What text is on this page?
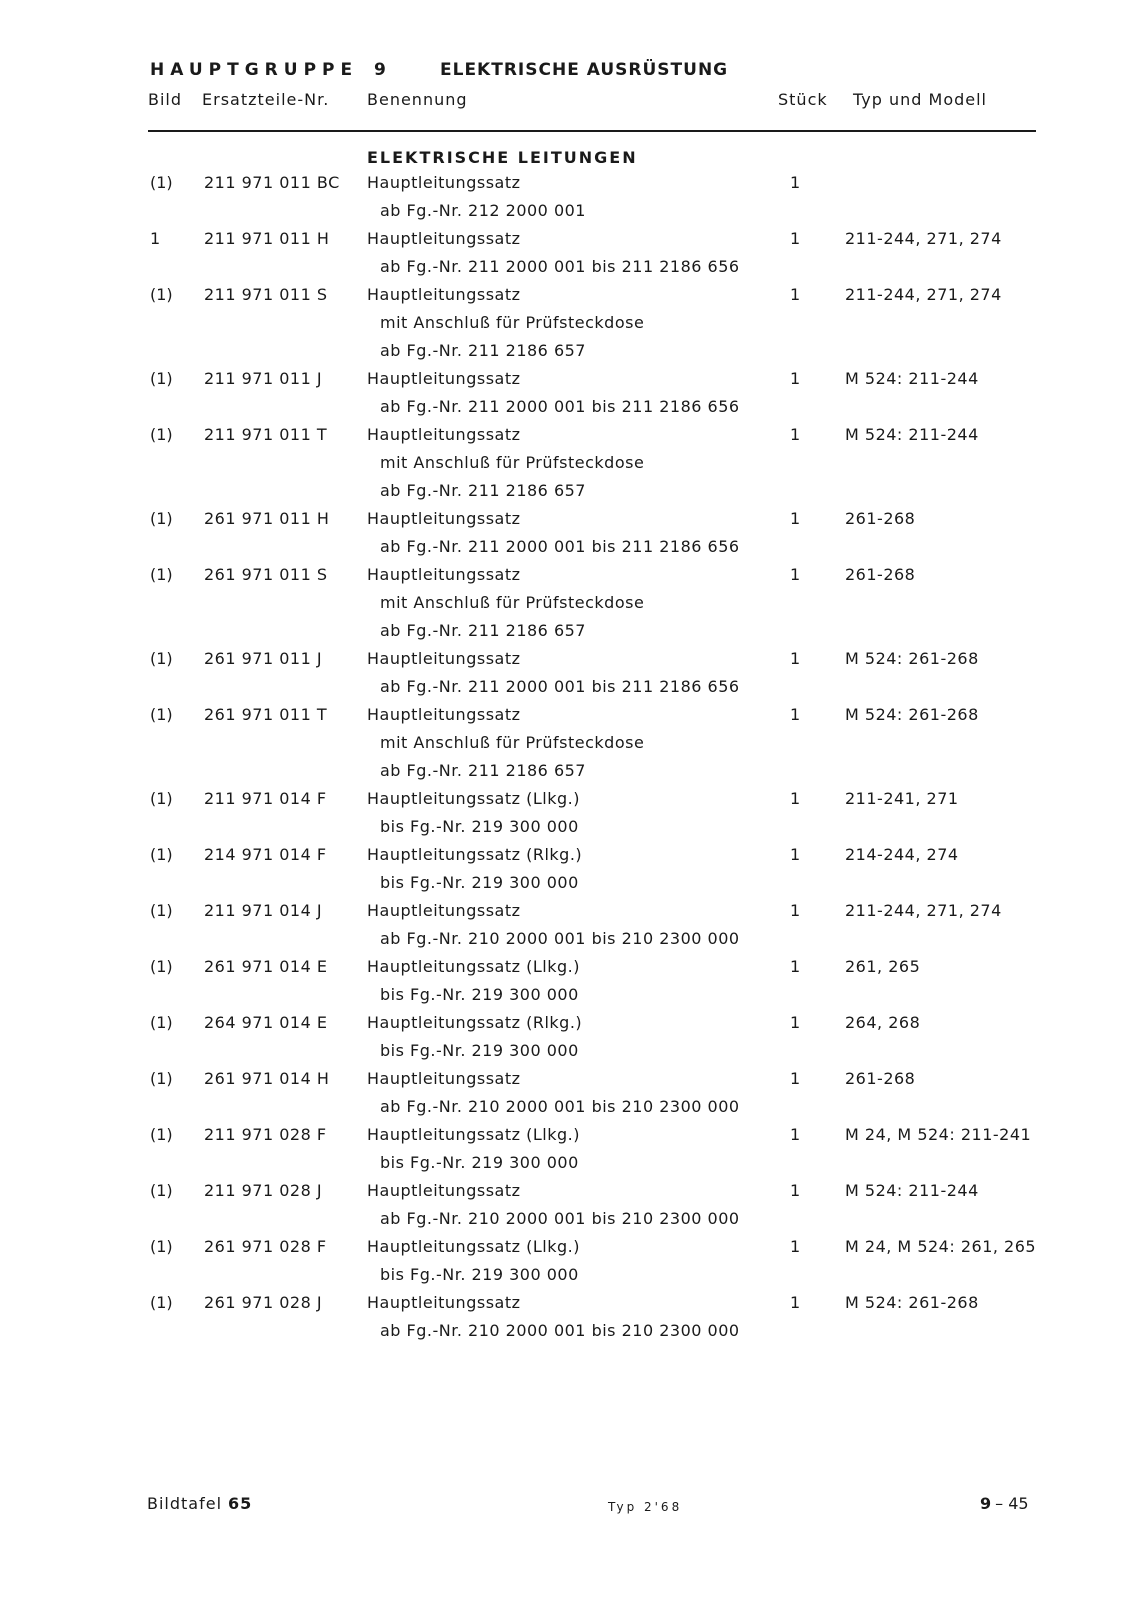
HAUPTGRUPPE 9	ELEKTRISCHE AUSRÜSTUNG
Bild Ersatzteile-Nr. Benennung	Stück Typ und Modell
ELEKTRISCHE LEITUNGEN
(1) 211 971 011 BC Hauptleitungssatz	1
ab Fg.-Nr. 212 2000 001
1	211 971 011 H Hauptleitungssatz	1	211-244, 271, 274
ab Fg.-Nr. 211 2000 001 bis 211 2186 656
(1) 211 971 011 S Hauptleitungssatz	1	211-244, 271, 274
mit Anschluß für Prüfsteckdose
ab Fg.-Nr. 211 2186 657
(1) 211 971 011 J	Hauptleitungssatz	1	M 524: 211-244
ab Fg.-Nr. 211 2000 001 bis 211 2186 656
(1) 211 971 011 T Hauptleitungssatz	1	M 524: 211-244
mit Anschluß für Prüfsteckdose
ab Fg.-Nr. 211 2186 657
(1) 261 971 011 H Hauptleitungssatz	1	261-268
ab Fg.-Nr. 211 2000 001 bis 211 2186 656
(1) 261 971 011 S Hauptleitungssatz	1	261-268
mit Anschluß für Prüfsteckdose
ab Fg.-Nr. 211 2186 657
(1) 261 971 011 J	Hauptleitungssatz	1	M 524: 261-268
ab Fg.-Nr. 211 2000 001 bis 211 2186 656
(1) 261 971 011 T Hauptleitungssatz	1	M 524: 261-268
mit Anschluß für Prüfsteckdose
ab Fg.-Nr. 211 2186 657
(1) 211 971 014 F	Hauptleitungssatz (Llkg.)	1	211-241, 271
bis Fg.-Nr. 219 300 000
(1) 214 971 014 F	Hauptleitungssatz (Rlkg.)	1	214-244, 274
bis Fg.-Nr. 219 300 000
(1) 211 971 014 J	Hauptleitungssatz	1	211-244, 271, 274
ab Fg.-Nr. 210 2000 001 bis 210 2300 000
(1) 261 971 014 E Hauptleitungssatz (Llkg.)	1	261, 265
bis Fg.-Nr. 219 300 000
(1) 264 971 014 E Hauptleitungssatz (Rlkg.)	1	264, 268
bis Fg.-Nr. 219 300 000
(1) 261 971 014 H Hauptleitungssatz	1	261-268
ab Fg.-Nr. 210 2000 001 bis 210 2300 000
(1) 211 971 028 F	Hauptleitungssatz (Llkg.)	1	M 24, M 524: 211-241
bis Fg.-Nr. 219 300 000
(1) 211 971 028 J	Hauptleitungssatz	1	M 524: 211-244
ab Fg.-Nr. 210 2000 001 bis 210 2300 000
(1) 261 971 028 F	Hauptleitungssatz (Llkg.)	1	M 24, M 524: 261, 265
bis Fg.-Nr. 219 300 000
(1) 261 971 028 J	Hauptleitungssatz	1	M 524: 261-268
ab Fg.-Nr. 210 2000 001 bis 210 2300 000
Bildtafel 65	Typ 2'68	9 – 45
